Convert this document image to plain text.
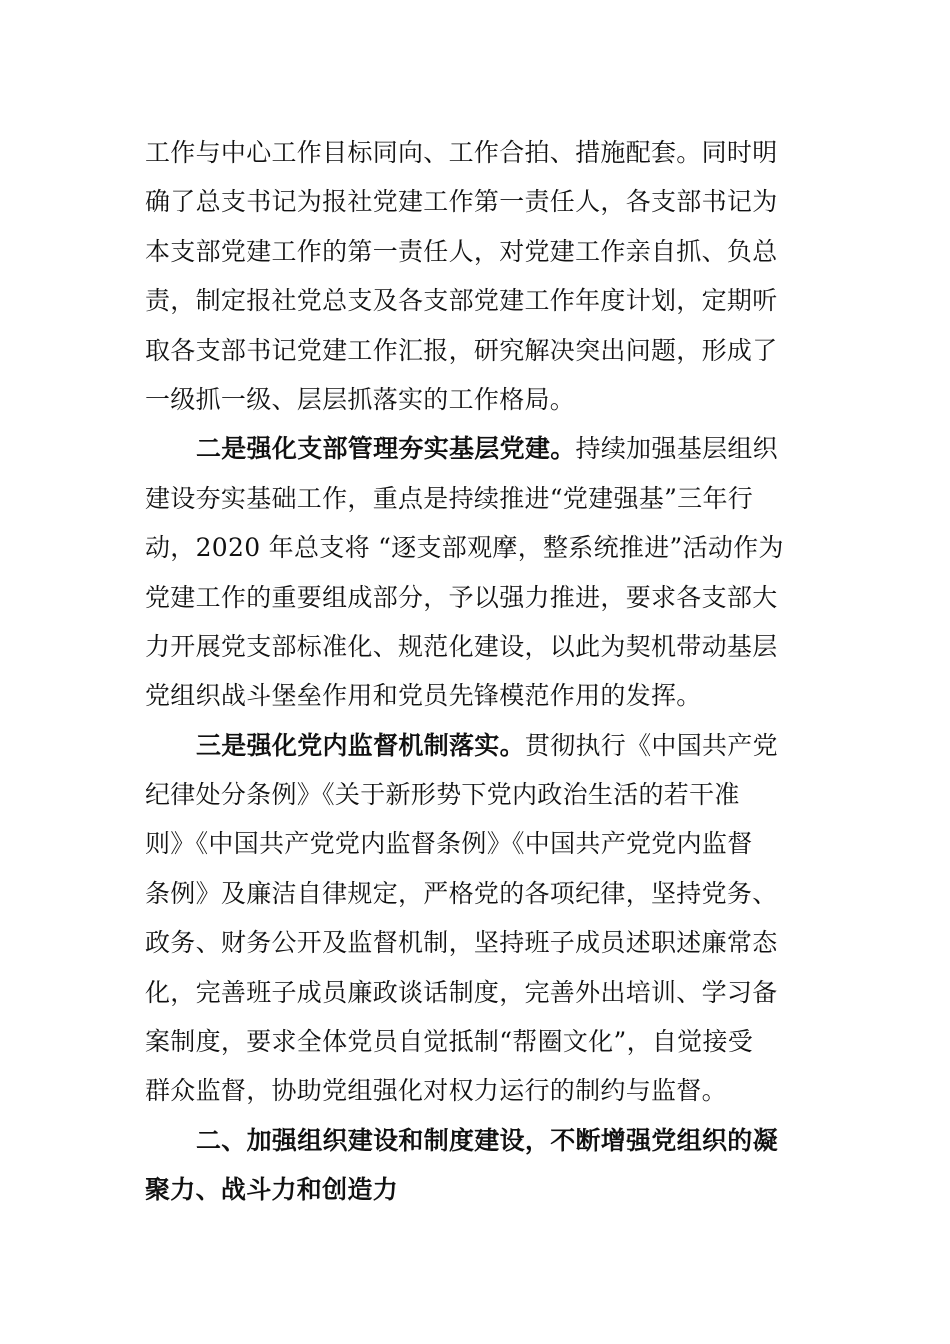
工作与中心工作目标同向、工作合拍、措施配套。同时明
确了总支书记为报社党建工作第一责任人，各支部书记为
本支部党建工作的第一责任人，对党建工作亲自抓、负总
责，制定报社党总支及各支部党建工作年度计划，定期听
取各支部书记党建工作汇报，研究解决突出问题，形成了
一级抓一级、层层抓落实的工作格局。
二是强化支部管理夯实基层党建。持续加强基层组织
建设夯实基础工作，重点是持续推进“党建强基”三年行
动，2020 年总支将 “逐支部观摩，整系统推进”活动作为
党建工作的重要组成部分，予以强力推进，要求各支部大
力开展党支部标准化、规范化建设，以此为契机带动基层
党组织战斗堡垒作用和党员先锋模范作用的发挥。
三是强化党内监督机制落实。贯彻执行《中国共产党
纪律处分条例》《关于新形势下党内政治生活的若干准
则》《中国共产党党内监督条例》《中国共产党党内监督
条例》及廉洁自律规定，严格党的各项纪律，坚持党务、
政务、财务公开及监督机制，坚持班子成员述职述廉常态
化，完善班子成员廉政谈话制度，完善外出培训、学习备
案制度，要求全体党员自觉抵制“帮圈文化”，自觉接受
群众监督，协助党组强化对权力运行的制约与监督。
二、加强组织建设和制度建设，不断增强党组织的凝
聚力、战斗力和创造力
